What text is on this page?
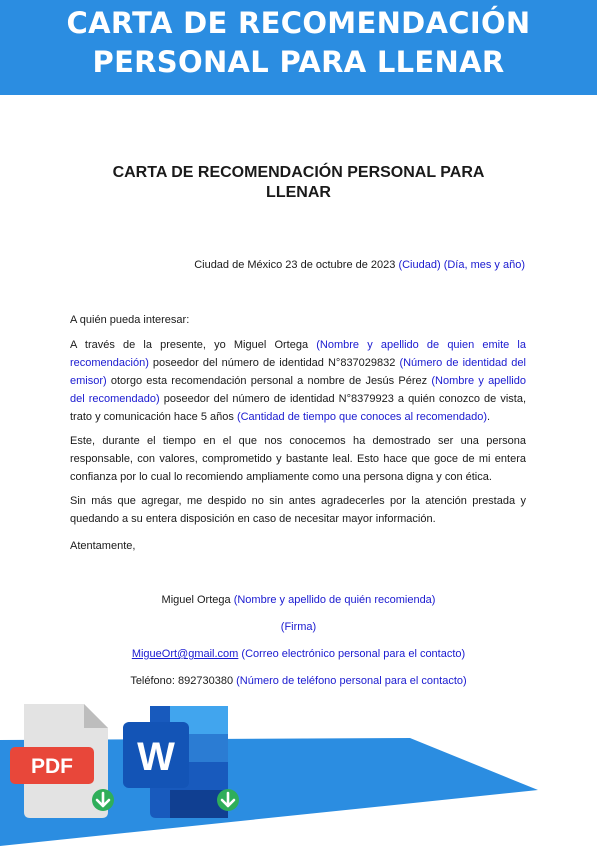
CARTA DE RECOMENDACIÓN
PERSONAL PARA LLENAR
CARTA DE RECOMENDACIÓN PERSONAL PARA
LLENAR
Ciudad de México 23 de octubre de 2023 (Ciudad) (Día, mes y año)
A quién pueda interesar:
A través de la presente, yo Miguel Ortega (Nombre y apellido de quien emite la recomendación) poseedor del número de identidad N°837029832 (Número de identidad del emisor) otorgo esta recomendación personal a nombre de Jesús Pérez (Nombre y apellido del recomendado) poseedor del número de identidad N°8379923 a quién conozco de vista, trato y comunicación hace 5 años (Cantidad de tiempo que conoces al recomendado).
Este, durante el tiempo en el que nos conocemos ha demostrado ser una persona responsable, con valores, comprometido y bastante leal. Esto hace que goce de mi entera confianza por lo cual lo recomiendo ampliamente como una persona digna y con ética.
Sin más que agregar, me despido no sin antes agradecerles por la atención prestada y quedando a su entera disposición en caso de necesitar mayor información.
Atentamente,
Miguel Ortega (Nombre y apellido de quién recomienda)
(Firma)
MigueOrt@gmail.com (Correo electrónico personal para el contacto)
Teléfono: 892730380 (Número de teléfono personal para el contacto)
PDF W
